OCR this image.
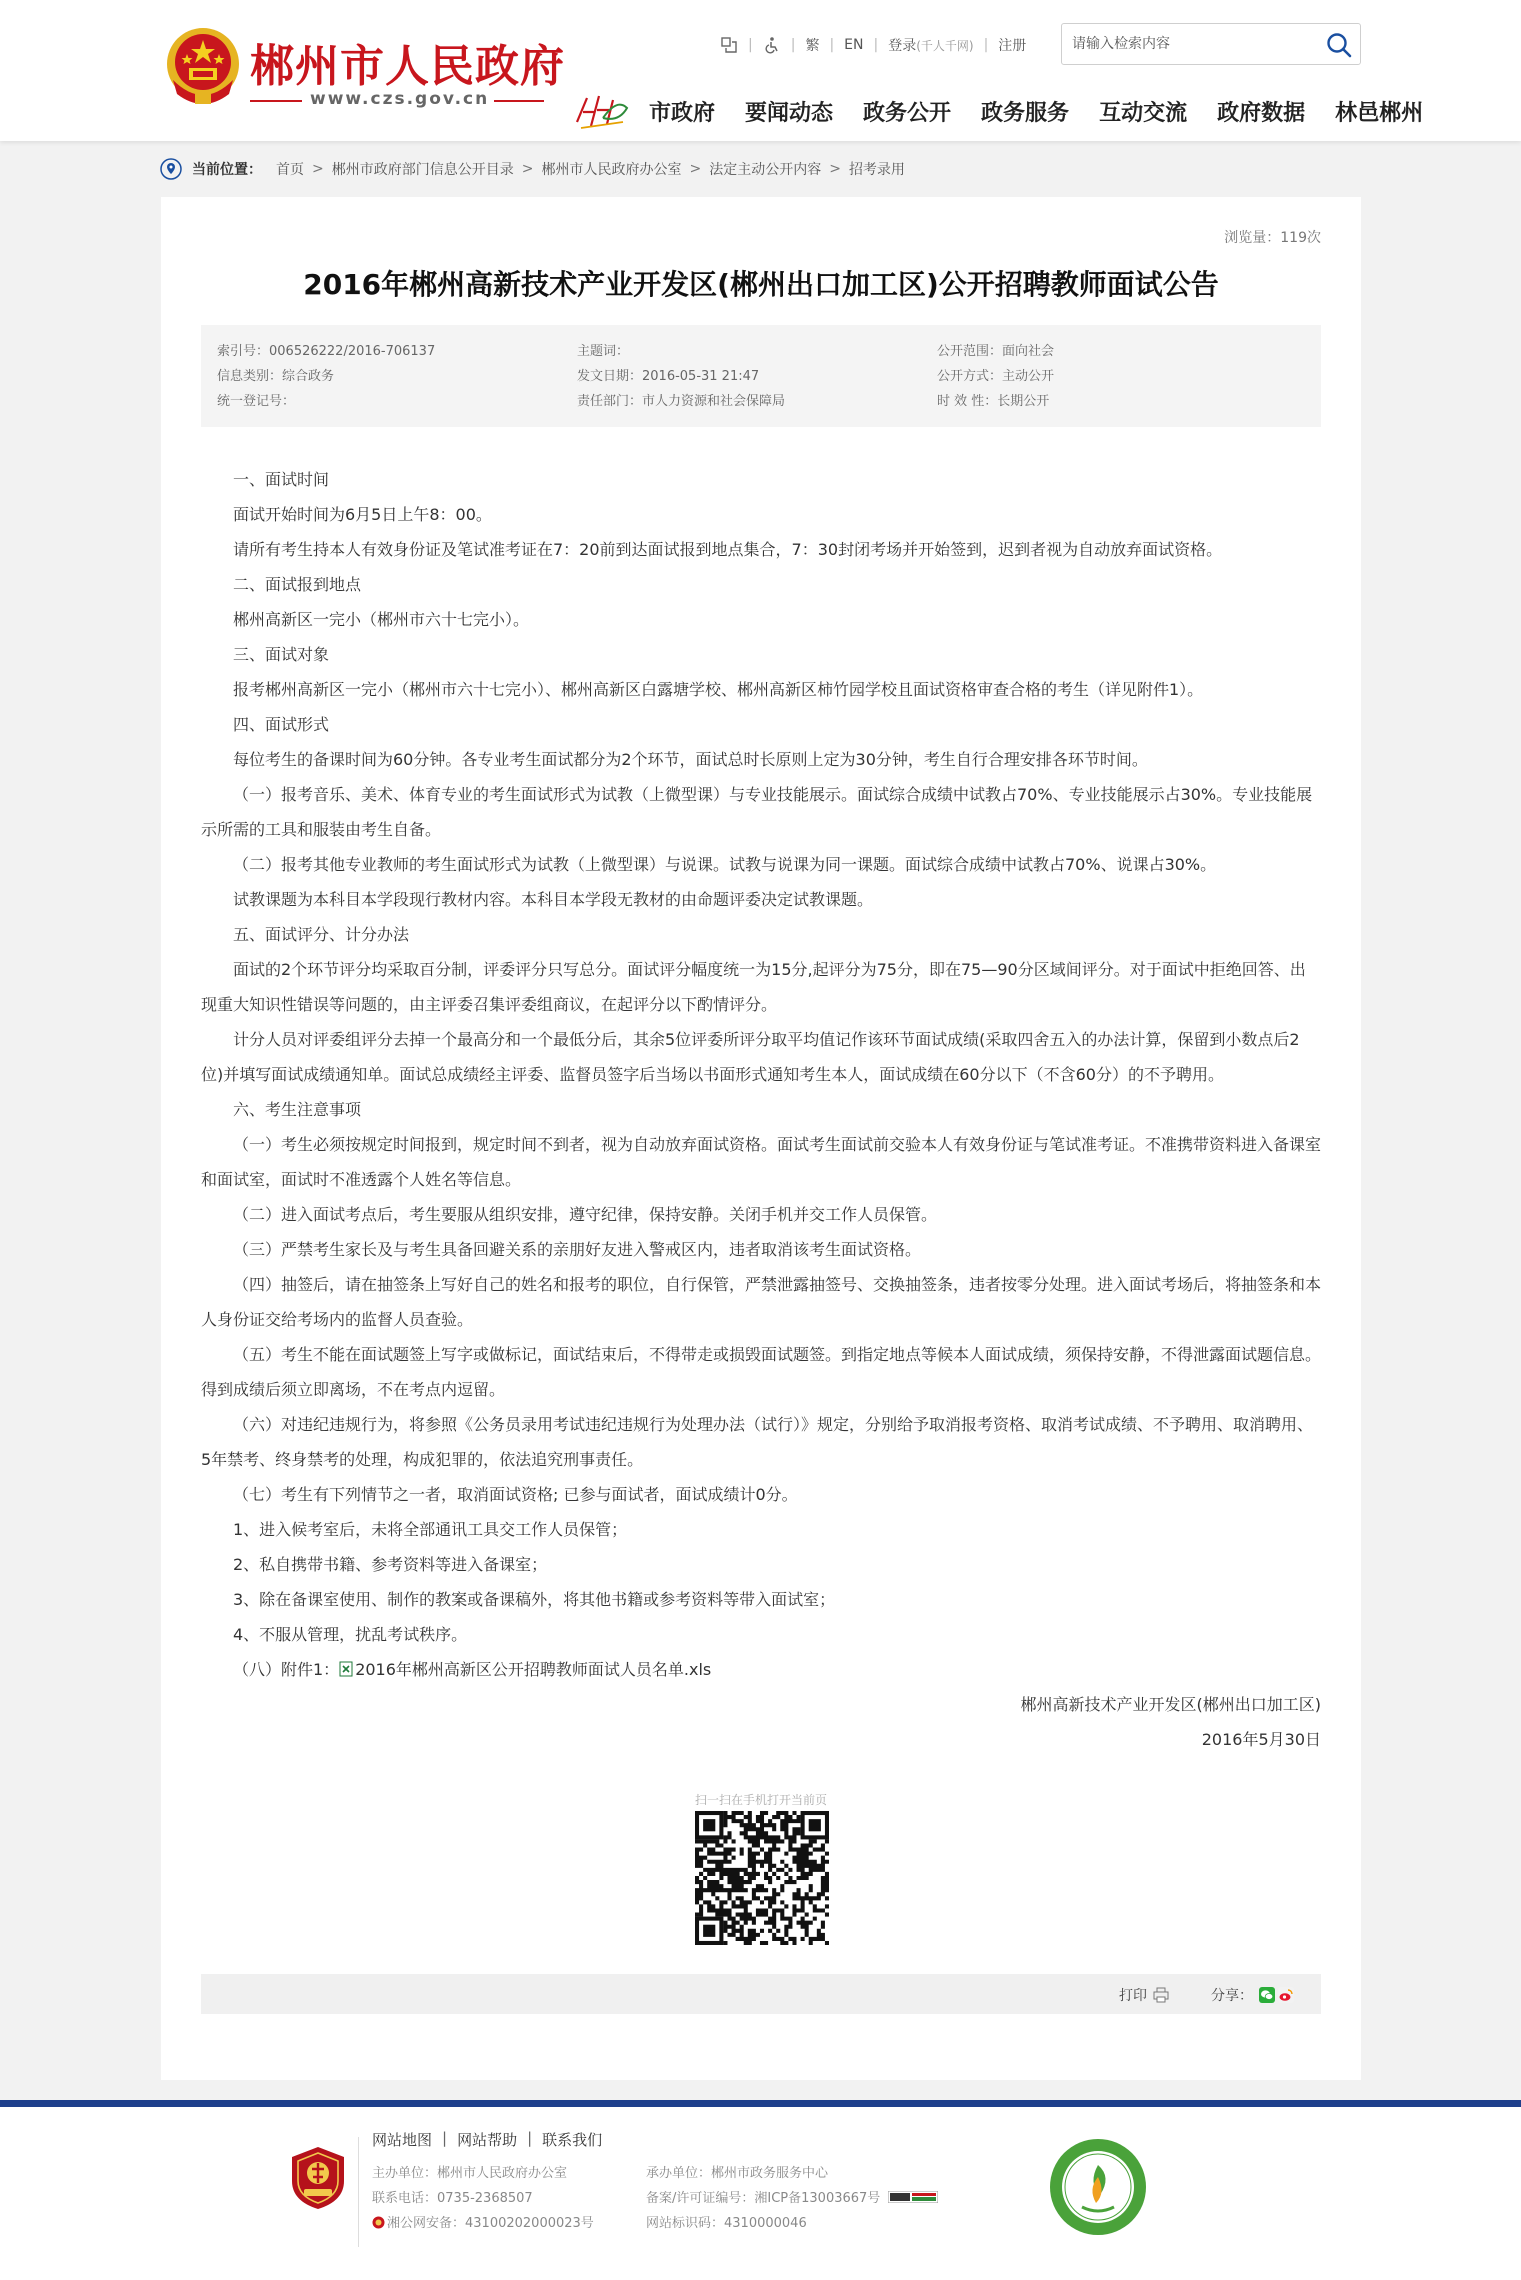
郴州市人民政府
www.czs.gov.cn
|	| 繁 | EN | 登录 (千人千网) | 注册
请输入检索内容
市政府 要闻动态 政务公开 政务服务 互动交流 政府数据 林邑郴州
当前位置： 首页 > 郴州市政府部门信息公开目录 > 郴州市人民政府办公室 > 法定主动公开内容 > 招考录用
浏览量：119次
2016年郴州高新技术产业开发区(郴州出口加工区)公开招聘教师面试公告
索引号：006526222/2016-706137
信息类别：综合政务
统一登记号：
主题词：
发文日期：2016-05-31 21:47
责任部门：市人力资源和社会保障局
公开范围：面向社会
公开方式：主动公开
时 效 性：长期公开

一、面试时间

面试开始时间为6月5日上午8：00。

请所有考生持本人有效身份证及笔试准考证在7：20前到达面试报到地点集合，7：30封闭考场并开始签到，迟到者视为自动放弃面试资格。

二、面试报到地点

郴州高新区一完小（郴州市六十七完小）。

三、面试对象

报考郴州高新区一完小（郴州市六十七完小）、郴州高新区白露塘学校、郴州高新区柿竹园学校且面试资格审查合格的考生（详见附件1）。

四、面试形式

每位考生的备课时间为60分钟。各专业考生面试都分为2个环节，面试总时长原则上定为30分钟，考生自行合理安排各环节时间。

（一）报考音乐、美术、体育专业的考生面试形式为试教（上微型课）与专业技能展示。面试综合成绩中试教占70%、专业技能展示占30%。专业技能展示所需的工具和服装由考生自备。

（二）报考其他专业教师的考生面试形式为试教（上微型课）与说课。试教与说课为同一课题。面试综合成绩中试教占70%、说课占30%。

试教课题为本科目本学段现行教材内容。本科目本学段无教材的由命题评委决定试教课题。

五、面试评分、计分办法

面试的2个环节评分均采取百分制，评委评分只写总分。面试评分幅度统一为15分,起评分为75分，即在75—90分区域间评分。对于面试中拒绝回答、出现重大知识性错误等问题的，由主评委召集评委组商议，在起评分以下酌情评分。

计分人员对评委组评分去掉一个最高分和一个最低分后，其余5位评委所评分取平均值记作该环节面试成绩(采取四舍五入的办法计算，保留到小数点后2位)并填写面试成绩通知单。面试总成绩经主评委、监督员签字后当场以书面形式通知考生本人，面试成绩在60分以下（不含60分）的不予聘用。

六、考生注意事项

（一）考生必须按规定时间报到，规定时间不到者，视为自动放弃面试资格。面试考生面试前交验本人有效身份证与笔试准考证。不准携带资料进入备课室和面试室，面试时不准透露个人姓名等信息。

（二）进入面试考点后，考生要服从组织安排，遵守纪律，保持安静。关闭手机并交工作人员保管。

（三）严禁考生家长及与考生具备回避关系的亲朋好友进入警戒区内，违者取消该考生面试资格。

（四）抽签后，请在抽签条上写好自己的姓名和报考的职位，自行保管，严禁泄露抽签号、交换抽签条，违者按零分处理。进入面试考场后，将抽签条和本人身份证交给考场内的监督人员查验。

（五）考生不能在面试题签上写字或做标记，面试结束后，不得带走或损毁面试题签。到指定地点等候本人面试成绩，须保持安静，不得泄露面试题信息。得到成绩后须立即离场，不在考点内逗留。

（六）对违纪违规行为，将参照《公务员录用考试违纪违规行为处理办法（试行）》规定，分别给予取消报考资格、取消考试成绩、不予聘用、取消聘用、5年禁考、终身禁考的处理，构成犯罪的，依法追究刑事责任。

（七）考生有下列情节之一者，取消面试资格; 已参与面试者，面试成绩计0分。

1、进入候考室后，未将全部通讯工具交工作人员保管；

2、私自携带书籍、参考资料等进入备课室；

3、除在备课室使用、制作的教案或备课稿外，将其他书籍或参考资料等带入面试室；

4、不服从管理，扰乱考试秩序。

（八）附件1： 2016年郴州高新区公开招聘教师面试人员名单.xls

郴州高新技术产业开发区(郴州出口加工区)

2016年5月30日

扫一扫在手机打开当前页
打印	分享：
网站地图 | 网站帮助 | 联系我们
主办单位：郴州市人民政府办公室
联系电话：0735-2368507
湘公网安备：43100202000023号
承办单位：郴州市政务服务中心
备案/许可证编号：湘ICP备13003667号
网站标识码：4310000046
